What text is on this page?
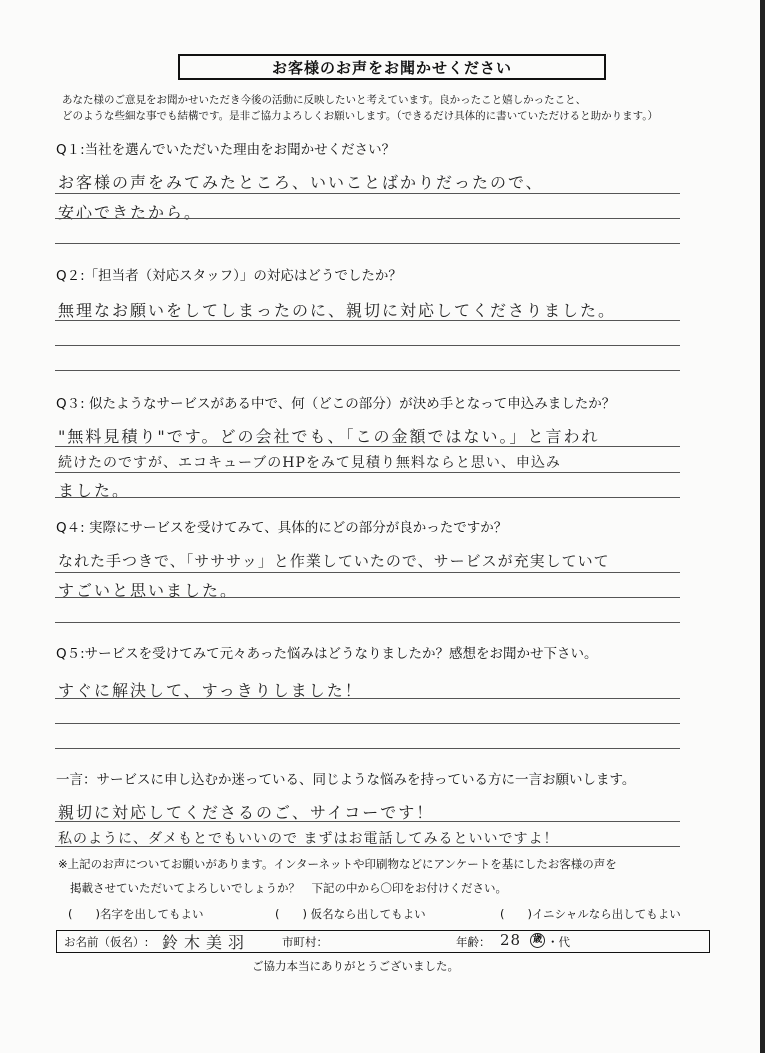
お客様のお声をお聞かせください
あなた様のご意見をお聞かせいただき今後の活動に反映したいと考えています。良かったこと嬉しかったこと、
どのような些細な事でも結構です。是非ご協力よろしくお願いします。（できるだけ具体的に書いていただけると助かります。）
Q１:当社を選んでいただいた理由をお聞かせください？
お客様の声をみてみたところ、いいことばかりだったので、
安心できたから。
Q２:「担当者（対応スタッフ）」の対応はどうでしたか？
無理なお願いをしてしまったのに、親切に対応してくださりました。
Q３: 似たようなサービスがある中で、何（どこの部分）が決め手となって申込みましたか？
"無料見積り"です。どの会社でも、「この金額ではない。」と言われ
続けたのですが、エコキューブのHPをみて見積り無料ならと思い、申込み
ました。
Q４: 実際にサービスを受けてみて、具体的にどの部分が良かったですか？
なれた手つきで、「サササッ」と作業していたので、サービスが充実していて
すごいと思いました。
Q５:サービスを受けてみて元々あった悩みはどうなりましたか？感想をお聞かせ下さい。
すぐに解決して、すっきりしました！
一言：サービスに申し込むか迷っている、同じような悩みを持っている方に一言お願いします。
親切に対応してくださるのご、サイコーです！
私のように、ダメもとでもいいので まずはお電話してみるといいですよ！
※上記のお声についてお願いがあります。インターネットや印刷物などにアンケートを基にしたお客様の声を
掲載させていただいてよろしいでしょうか？　下記の中から〇印をお付けください。
(　　)名字を出してもよい	(　　) 仮名なら出してもよい	(　　)イニシャルなら出してもよい
お名前（仮名）: 鈴木美羽	市町村：	年齢： 28	歳 ・代
ご協力本当にありがとうございました。
